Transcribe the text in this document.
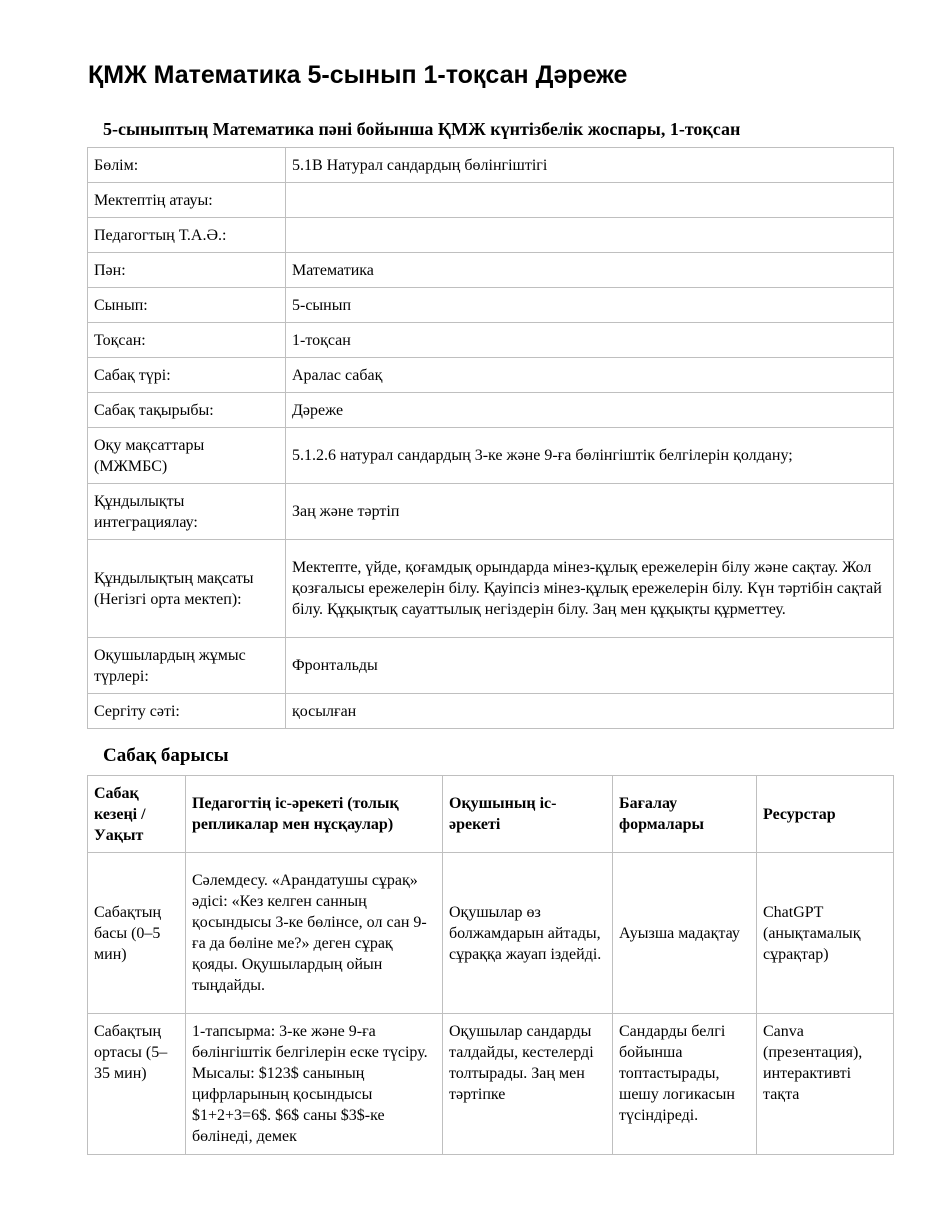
ҚМЖ Математика 5-сынып 1-тоқсан Дәреже
5-сыныптың Математика пәні бойынша ҚМЖ күнтізбелік жоспары, 1-тоқсан
Бөлім:	5.1В Натурал сандардың бөлінгіштігі
Мектептің атауы:	
Педагогтың Т.А.Ә.:	
Пән:	Математика
Сынып:	5-сынып
Тоқсан:	1-тоқсан
Сабақ түрі:	Аралас сабақ
Сабақ тақырыбы:	Дәреже
Оқу мақсаттары (МЖМБС)	5.1.2.6 натурал сандардың 3-ке және 9-ға бөлінгіштік белгілерін қолдану;
Құндылықты интеграциялау:	Заң және тәртіп
Құндылықтың мақсаты (Негізгі орта мектеп):	Мектепте, үйде, қоғамдық орындарда мінез-құлық ережелерін білу және сақтау. Жол қозғалысы ережелерін білу. Қауіпсіз мінез-құлық ережелерін білу. Күн тәртібін сақтай білу. Құқықтық сауаттылық негіздерін білу. Заң мен құқықты құрметтеу.
Оқушылардың жұмыс түрлері:	Фронтальды
Сергіту сәті:	қосылған
Сабақ барысы
Сабақ кезеңі / Уақыт	Педагогтің іс-әрекеті (толық репликалар мен нұсқаулар)	Оқушының іс-әрекеті	Бағалау формалары	Ресурстар
Сабақтың басы (0–5 мин)	Сәлемдесу. «Арандатушы сұрақ» әдісі: «Кез келген санның қосындысы 3-ке бөлінсе, ол сан 9-ға да бөліне ме?» деген сұрақ қояды. Оқушылардың ойын тыңдайды.	Оқушылар өз болжамдарын айтады, сұраққа жауап іздейді.	Ауызша мадақтау	ChatGPT (анықтамалық сұрақтар)
Сабақтың ортасы (5–35 мин)	1-тапсырма: 3-ке және 9-ға бөлінгіштік белгілерін еске түсіру. Мысалы: $123$ санының цифрларының қосындысы $1+2+3=6$. $6$ саны $3$-ке бөлінеді, демек	Оқушылар сандарды талдайды, кестелерді толтырады. Заң мен тәртіпке	Сандарды белгі бойынша топтастырады, шешу логикасын түсіндіреді.	Canva (презентация), интерактивті тақта
